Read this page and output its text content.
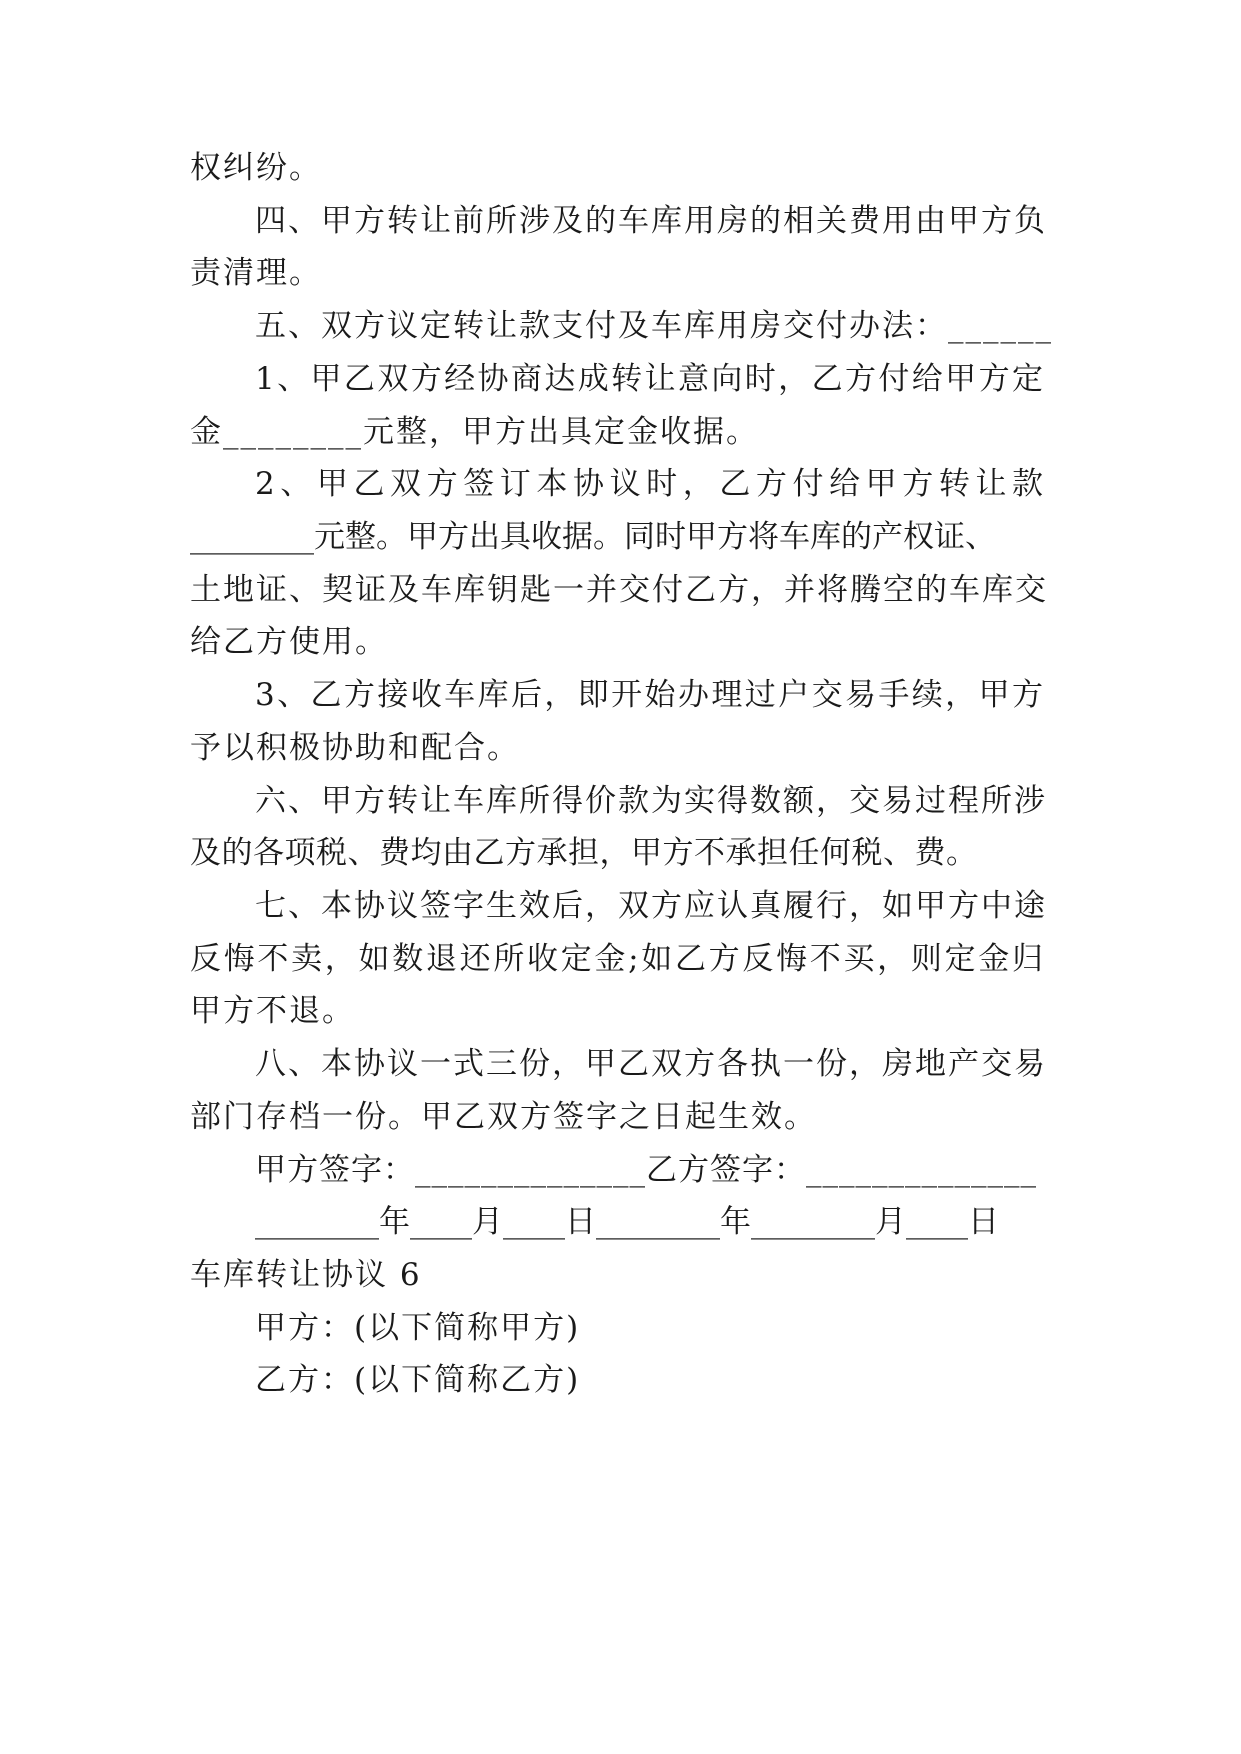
权纠纷。
四、甲方转让前所涉及的车库用房的相关费用由甲方负
责清理。
五、双方议定转让款支付及车库用房交付办法：______
1、甲乙双方经协商达成转让意向时，乙方付给甲方定
金________元整，甲方出具定金收据。
2、甲乙双方签订本协议时，乙方付给甲方转让款
________元整。甲方出具收据。同时甲方将车库的产权证、
土地证、契证及车库钥匙一并交付乙方，并将腾空的车库交
给乙方使用。
3、乙方接收车库后，即开始办理过户交易手续，甲方
予以积极协助和配合。
六、甲方转让车库所得价款为实得数额，交易过程所涉
及的各项税、费均由乙方承担，甲方不承担任何税、费。
七、本协议签字生效后，双方应认真履行，如甲方中途
反悔不卖，如数退还所收定金;如乙方反悔不买，则定金归
甲方不退。
八、本协议一式三份，甲乙双方各执一份，房地产交易
部门存档一份。甲乙双方签字之日起生效。
甲方签字：______________乙方签字：______________
________年____月____日________年________月____日
车库转让协议 6
甲方：(以下简称甲方)
乙方：(以下简称乙方)
